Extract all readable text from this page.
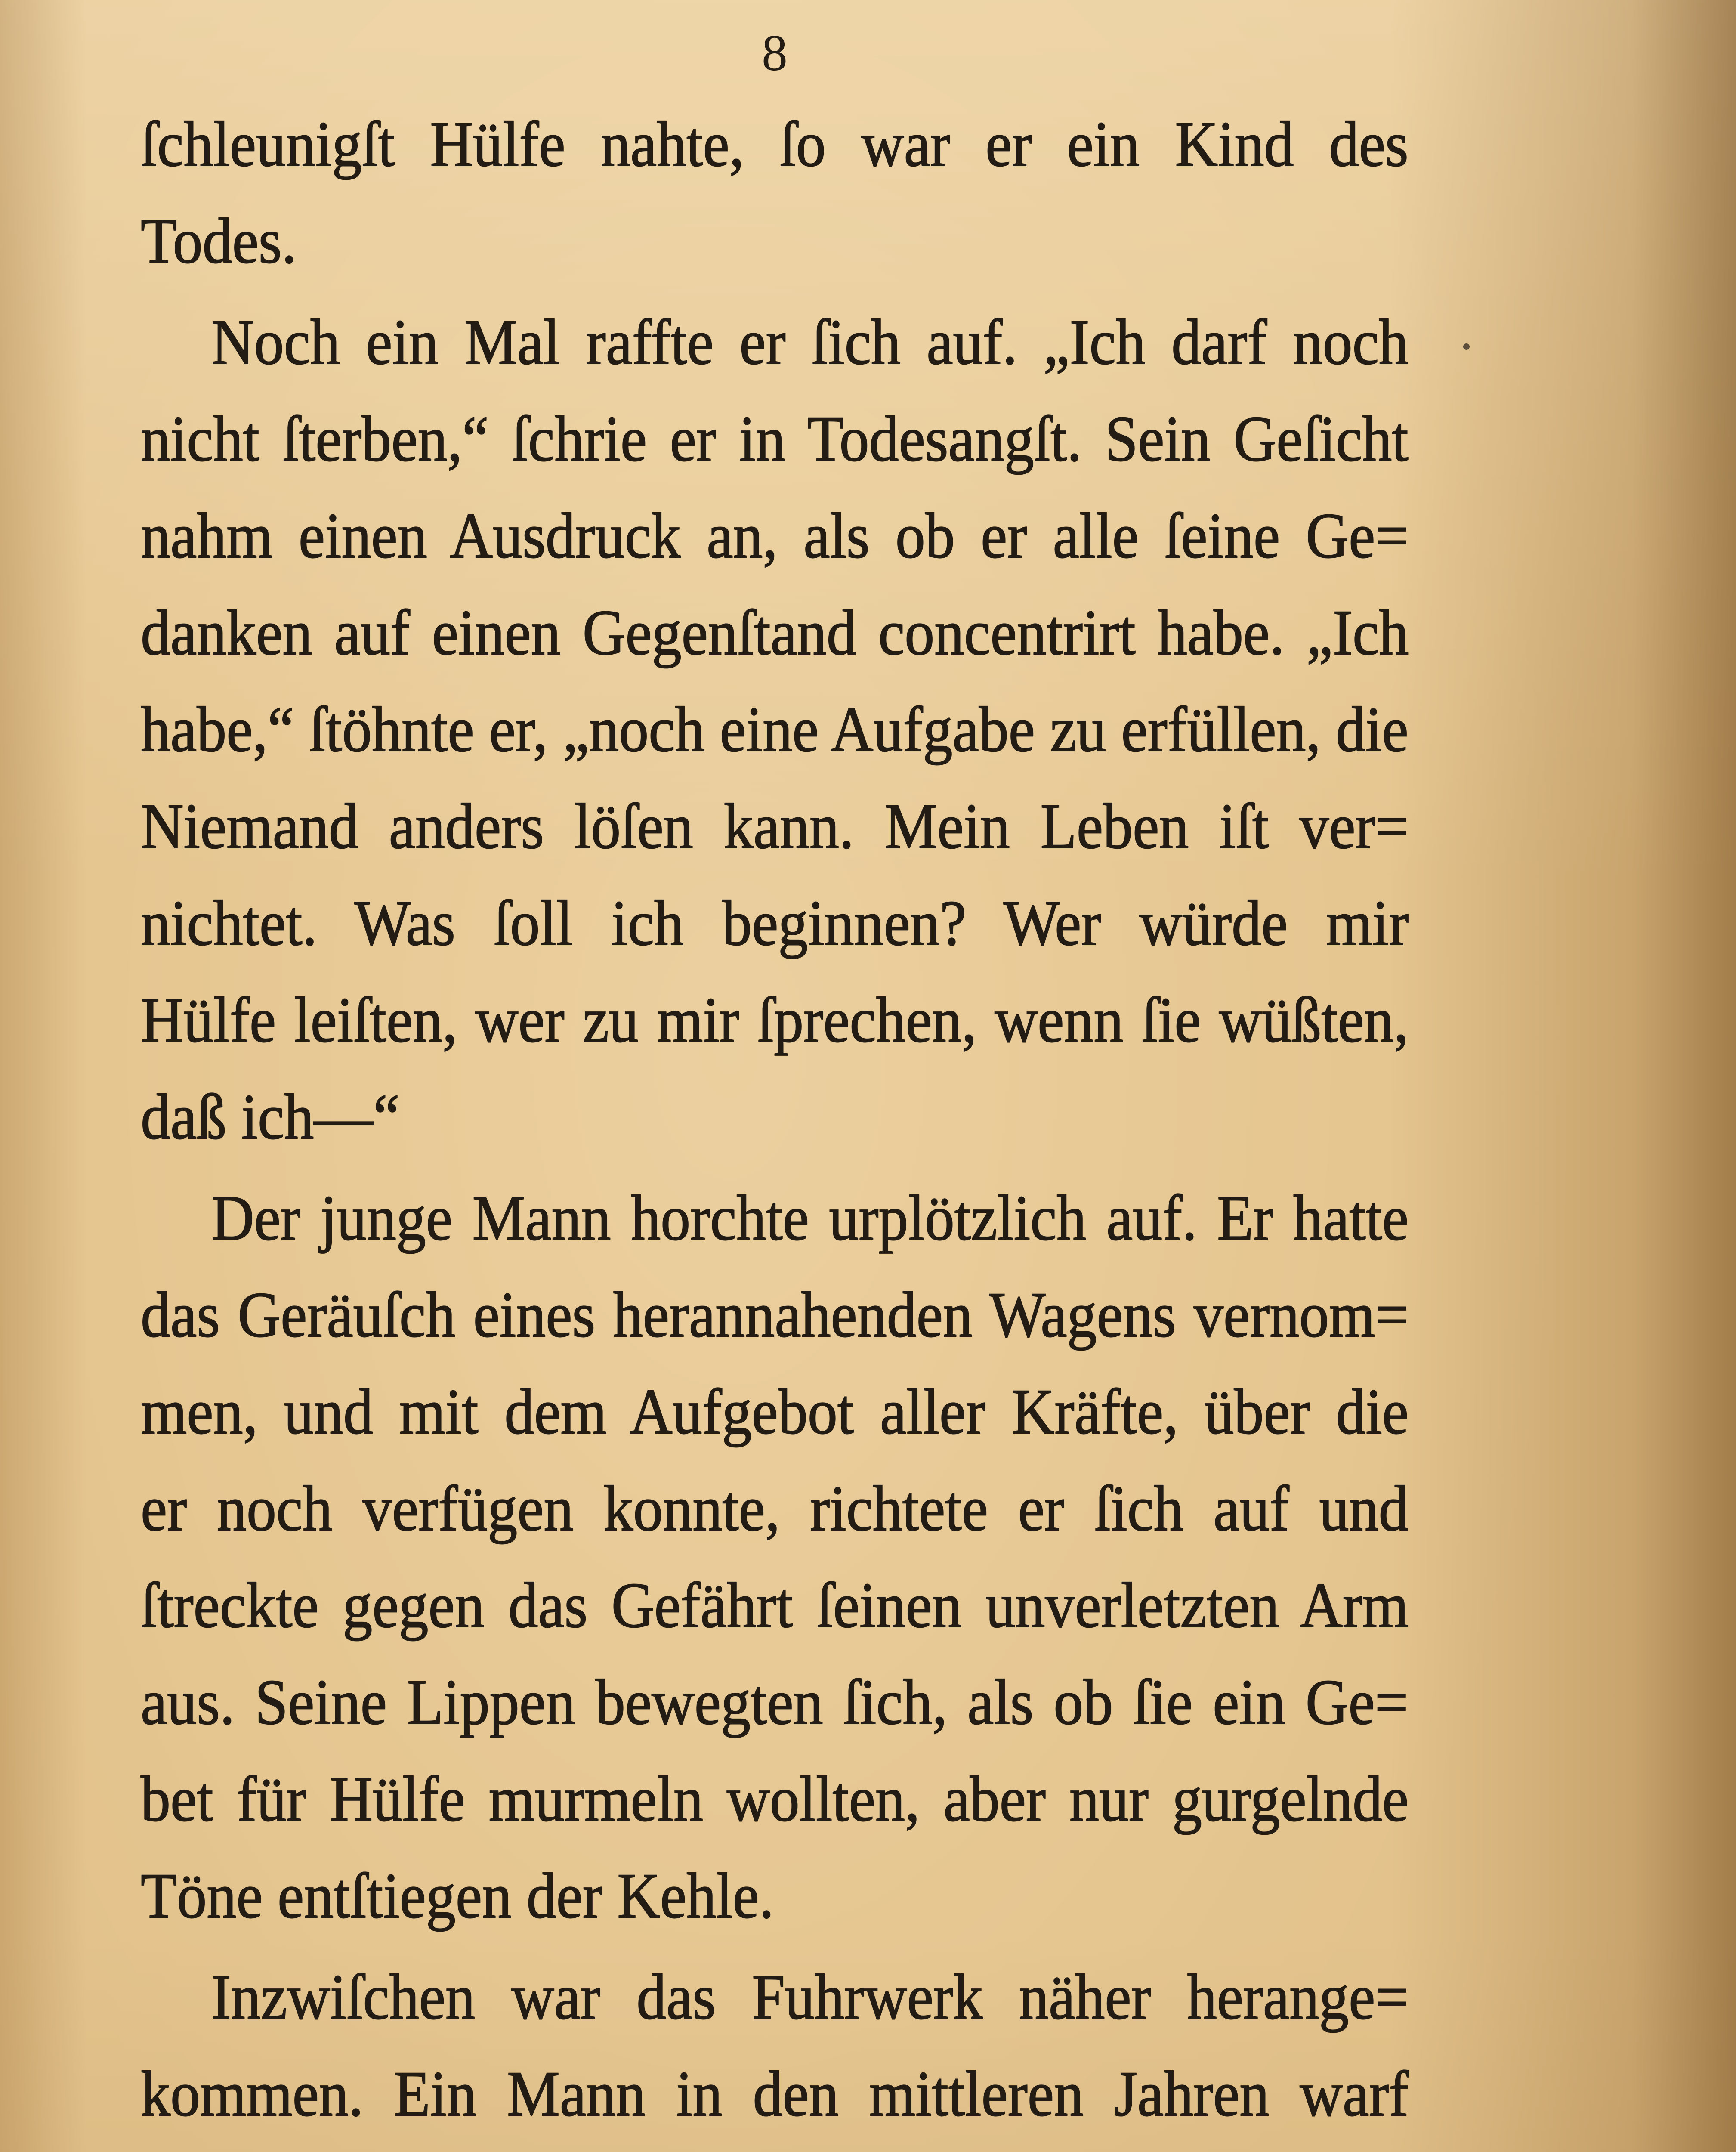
8
ſchleunigſt Hülfe nahte, ſo war er ein Kind des
Todes.
Noch ein Mal raffte er ſich auf. „Ich darf noch
nicht ſterben,“ ſchrie er in Todesangſt. Sein Geſicht
nahm einen Ausdruck an, als ob er alle ſeine Ge=
danken auf einen Gegenſtand concentrirt habe. „Ich
habe,“ ſtöhnte er, „noch eine Aufgabe zu erfüllen, die
Niemand anders löſen kann. Mein Leben iſt ver=
nichtet. Was ſoll ich beginnen? Wer würde mir
Hülfe leiſten, wer zu mir ſprechen, wenn ſie wüßten,
daß ich—“
Der junge Mann horchte urplötzlich auf. Er hatte
das Geräuſch eines herannahenden Wagens vernom=
men, und mit dem Aufgebot aller Kräfte, über die
er noch verfügen konnte, richtete er ſich auf und
ſtreckte gegen das Gefährt ſeinen unverletzten Arm
aus. Seine Lippen bewegten ſich, als ob ſie ein Ge=
bet für Hülfe murmeln wollten, aber nur gurgelnde
Töne entſtiegen der Kehle.
Inzwiſchen war das Fuhrwerk näher herange=
kommen. Ein Mann in den mittleren Jahren warf
